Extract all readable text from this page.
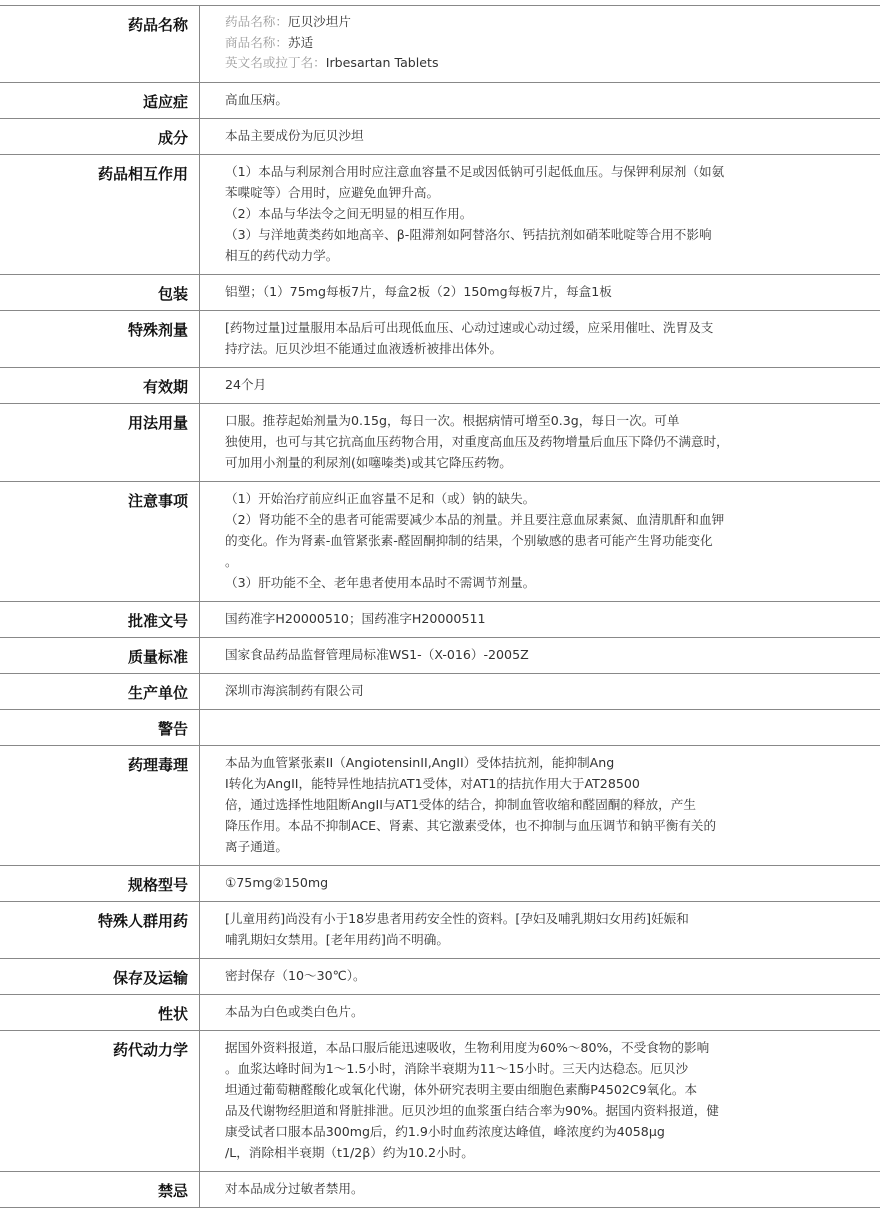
药品名称	药品名称：厄贝沙坦片
商品名称：苏适
英文名或拉丁名：Irbesartan Tablets
适应症	高血压病。
成分	本品主要成份为厄贝沙坦
药品相互作用	（1）本品与利尿剂合用时应注意血容量不足或因低钠可引起低血压。与保钾利尿剂（如氨
苯喋啶等）合用时，应避免血钾升高。
（2）本品与华法令之间无明显的相互作用。
（3）与洋地黄类药如地高辛、β-阻滞剂如阿替洛尔、钙拮抗剂如硝苯吡啶等合用不影响
相互的药代动力学。
包装	铝塑；（1）75mg每板7片，每盒2板（2）150mg每板7片，每盒1板
特殊剂量	[药物过量]过量服用本品后可出现低血压、心动过速或心动过缓，应采用催吐、洗胃及支
持疗法。厄贝沙坦不能通过血液透析被排出体外。
有效期	24个月
用法用量	口服。推荐起始剂量为0.15g，每日一次。根据病情可增至0.3g，每日一次。可单
独使用，也可与其它抗高血压药物合用，对重度高血压及药物增量后血压下降仍不满意时，
可加用小剂量的利尿剂(如噻嗪类)或其它降压药物。
注意事项	（1）开始治疗前应纠正血容量不足和（或）钠的缺失。
（2）肾功能不全的患者可能需要减少本品的剂量。并且要注意血尿素氮、血清肌酐和血钾
的变化。作为肾素-血管紧张素-醛固酮抑制的结果，个别敏感的患者可能产生肾功能变化
。
（3）肝功能不全、老年患者使用本品时不需调节剂量。
批准文号	国药准字H20000510；国药准字H20000511
质量标准	国家食品药品监督管理局标准WS1-（X-016）-2005Z
生产单位	深圳市海滨制药有限公司
警告

药理毒理	本品为血管紧张素II（AngiotensinII,AngII）受体拮抗剂，能抑制Ang
I转化为AngII，能特异性地拮抗AT1受体，对AT1的拮抗作用大于AT28500
倍，通过选择性地阻断AngII与AT1受体的结合，抑制血管收缩和醛固酮的释放，产生
降压作用。本品不抑制ACE、肾素、其它激素受体，也不抑制与血压调节和钠平衡有关的
离子通道。
规格型号	①75mg②150mg
特殊人群用药	[儿童用药]尚没有小于18岁患者用药安全性的资料。[孕妇及哺乳期妇女用药]妊娠和
哺乳期妇女禁用。[老年用药]尚不明确。
保存及运输	密封保存（10～30℃）。
性状	本品为白色或类白色片。
药代动力学	据国外资料报道，本品口服后能迅速吸收，生物利用度为60%～80%，不受食物的影响
。血浆达峰时间为1～1.5小时，消除半衰期为11～15小时。三天内达稳态。厄贝沙
坦通过葡萄糖醛酸化或氧化代谢，体外研究表明主要由细胞色素酶P4502C9氧化。本
品及代谢物经胆道和肾脏排泄。厄贝沙坦的血浆蛋白结合率为90%。据国内资料报道，健
康受试者口服本品300mg后，约1.9小时血药浓度达峰值，峰浓度约为4058μg
/L，消除相半衰期（t1/2β）约为10.2小时。
禁忌	对本品成分过敏者禁用。
